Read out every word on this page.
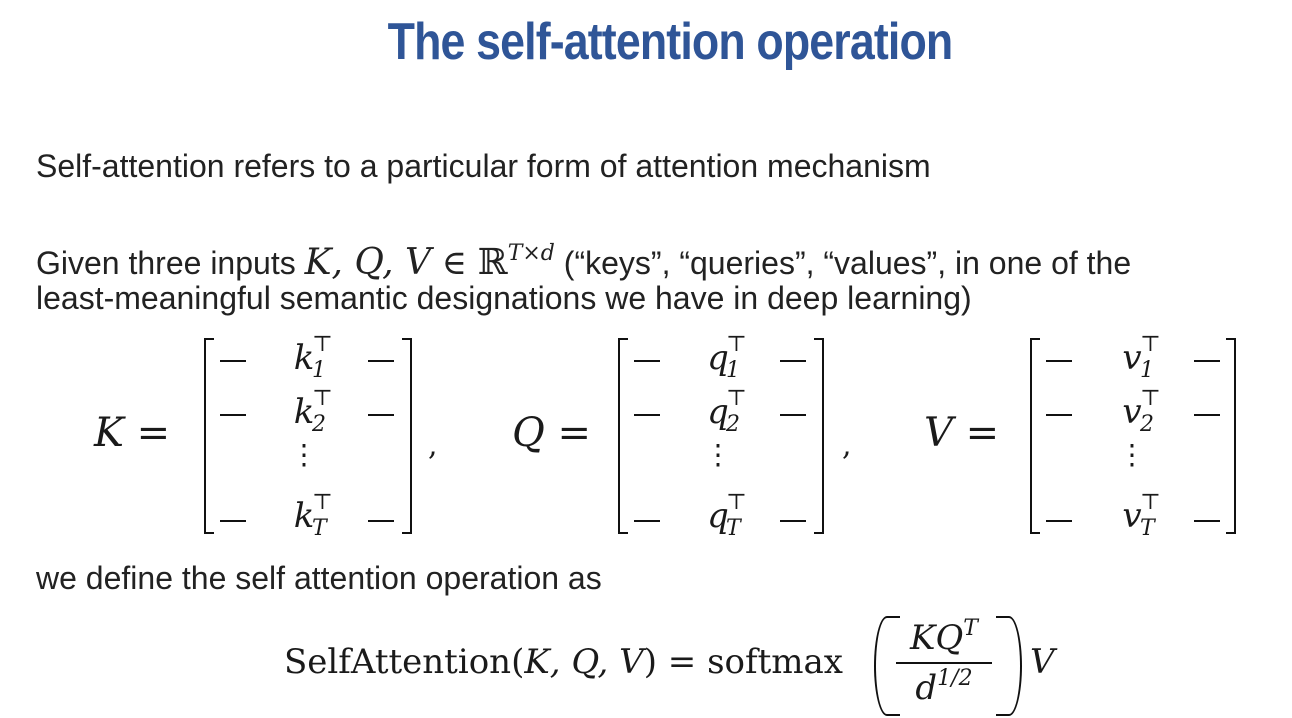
The self-attention operation
Self-attention refers to a particular form of attention mechanism
Given three inputs K, Q, V ∈ ℝ$^{T\times d}$ (“keys”, “queries”, “values”, in one of the
least-meaningful semantic designations we have in deep learning)
K =
k
⊤
1
k
⊤
2
⋮
k
⊤
T
, Q =
q
⊤
1
q
⊤
2
⋮
q
⊤
T
, V =
v
⊤
1
v
⊤
2
⋮
v
⊤
T
we define the self attention operation as
SelfAttention(K, Q, V) = softmax
$KQ^T$
$d^{1/2}$	V
